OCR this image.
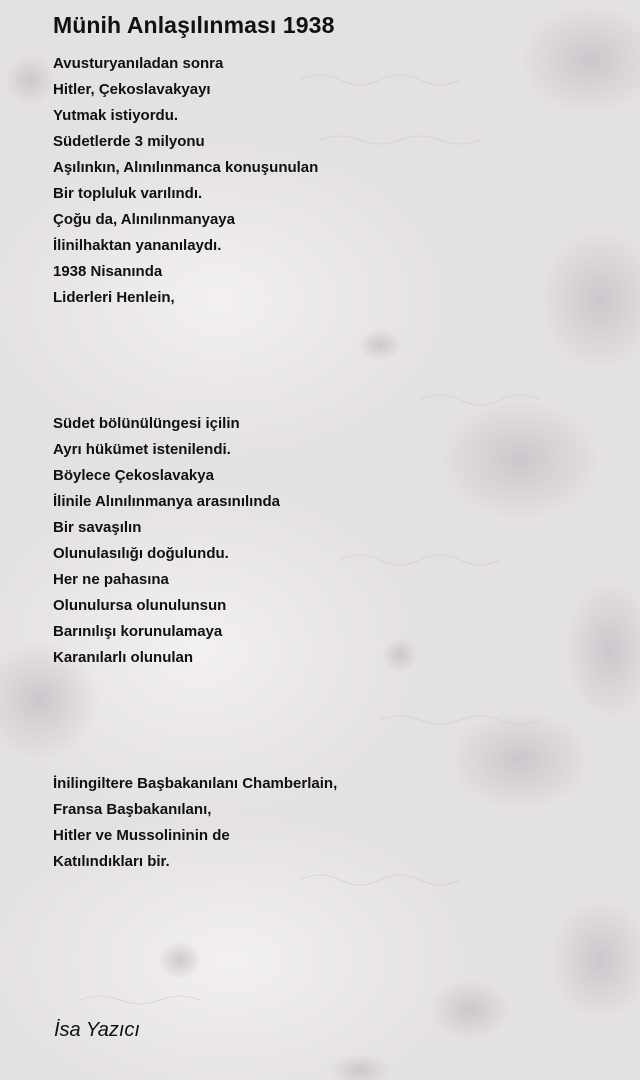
Münih Anlaşılınması 1938
Avusturyanıladan sonra
Hitler, Çekoslavakyayı
Yutmak istiyordu.
Südetlerde 3 milyonu
Aşılınkın, Alınılınmanca konuşunulan
Bir topluluk varılındı.
Çoğu da, Alınılınmanyaya
İlinilhaktan yananılaydı.
1938 Nisanında
Liderleri Henlein,
Südet bölünülüngesi içilin
Ayrı hükümet istenilendi.
Böylece Çekoslavakya
İlinile Alınılınmanya arasınılında
Bir savaşılın
Olunulasılığı doğulundu.
Her ne pahasına
Olunulursa olunulunsun
Barınılışı korunulamaya
Karanılarlı olunulan
İnilingiltere Başbakanılanı Chamberlain,
Fransa Başbakanılanı,
Hitler ve Mussolininin de
Katılındıkları bir.
İsa Yazıcı
